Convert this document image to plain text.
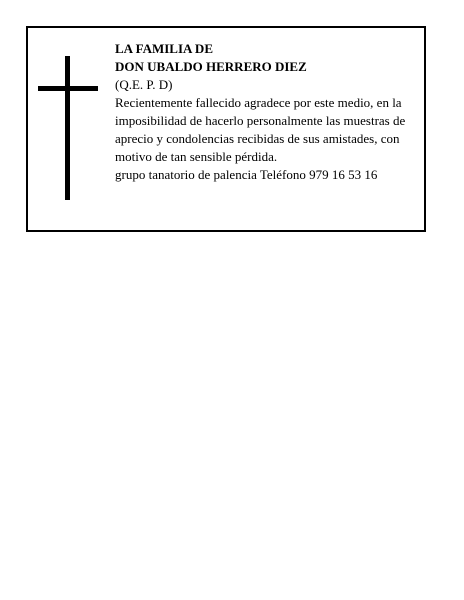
LA FAMILIA DE
DON UBALDO HERRERO DIEZ
(Q.E. P. D)
Recientemente fallecido agradece por este medio, en la
imposibilidad de hacerlo personalmente las muestras de
aprecio y condolencias recibidas de sus amistades, con
motivo de tan sensible pérdida.
grupo tanatorio de palencia Teléfono 979 16 53 16
